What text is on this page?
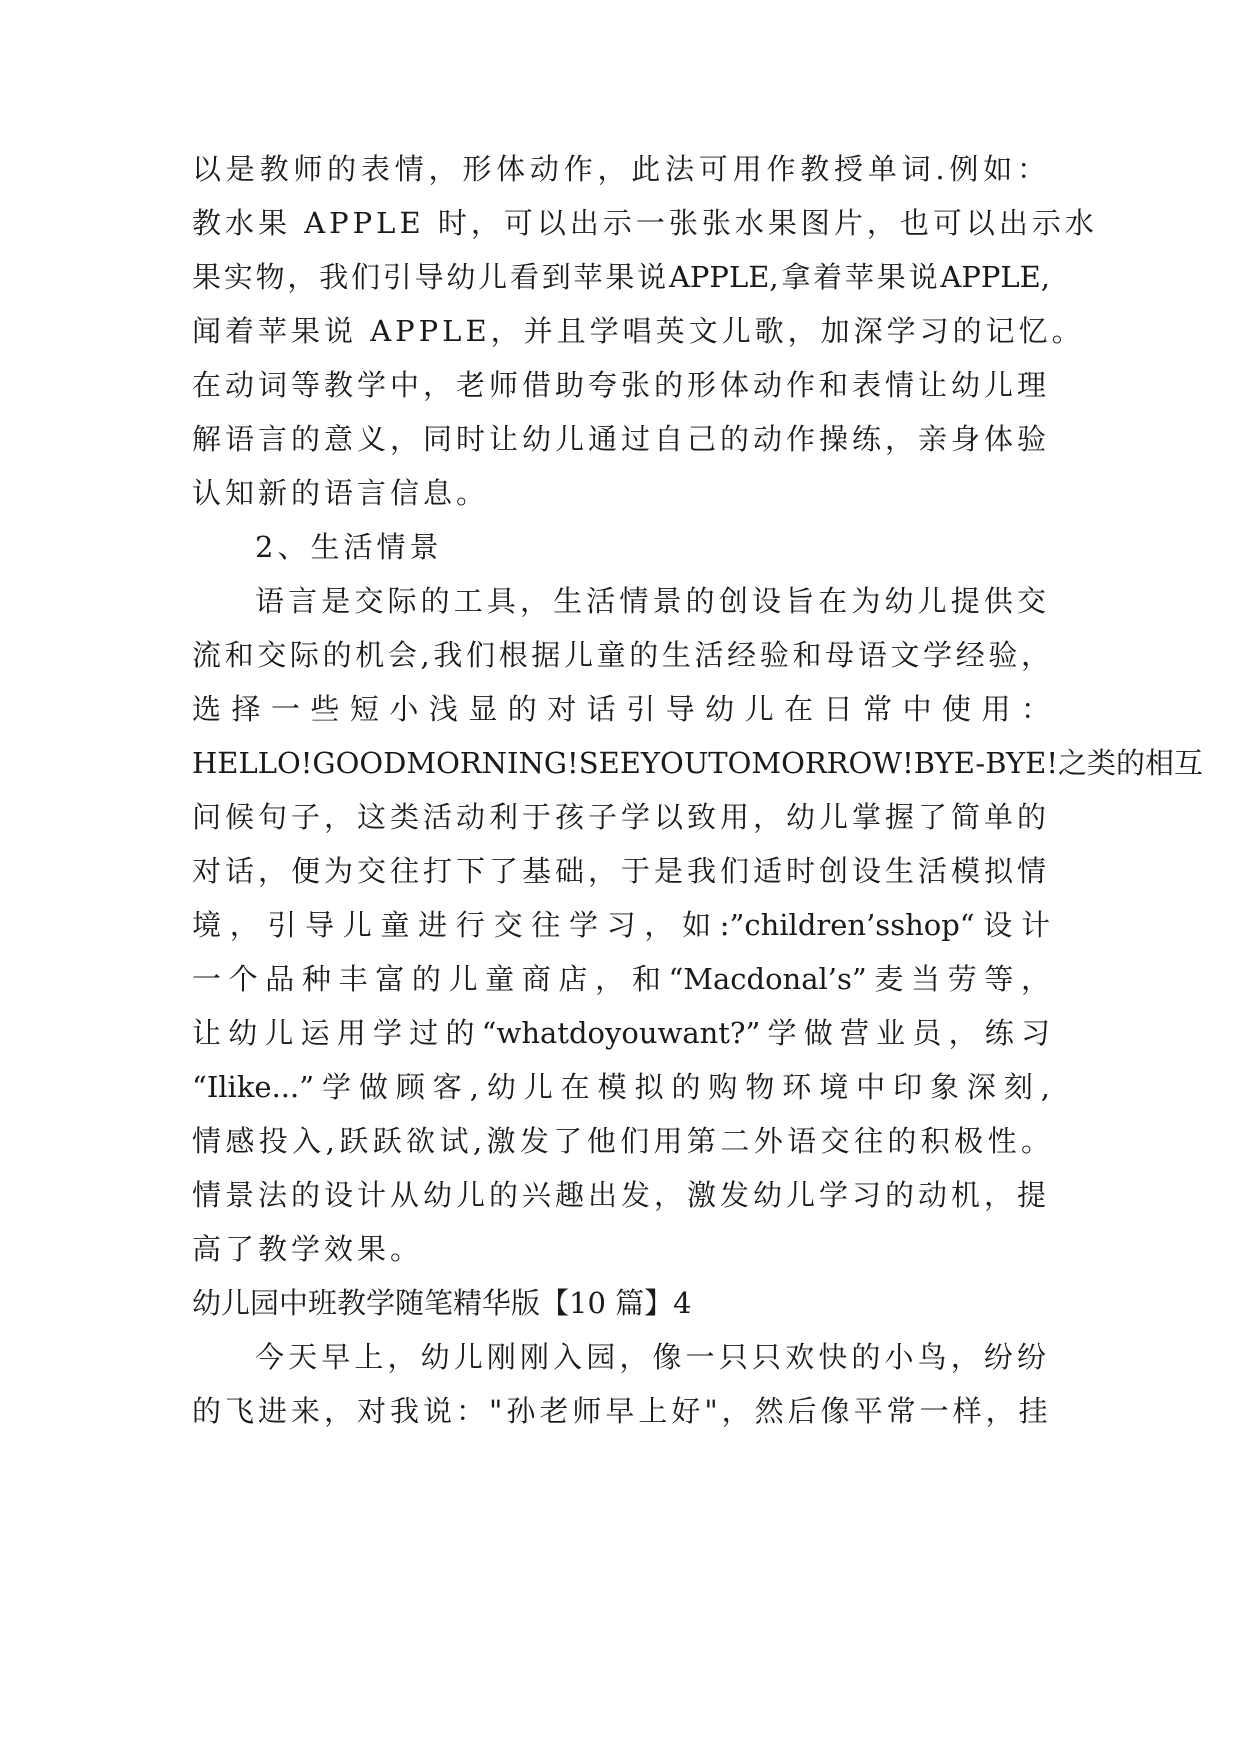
以是教师的表情，形体动作，此法可用作教授单词.例如：
教水果 APPLE 时，可以出示一张张水果图片，也可以出示水
果实物，我们引导幼儿看到苹果说APPLE,拿着苹果说APPLE,
闻着苹果说 APPLE，并且学唱英文儿歌，加深学习的记忆。
在动词等教学中，老师借助夸张的形体动作和表情让幼儿理
解语言的意义，同时让幼儿通过自己的动作操练，亲身体验
认知新的语言信息。
2、生活情景
语言是交际的工具，生活情景的创设旨在为幼儿提供交
流和交际的机会,我们根据儿童的生活经验和母语文学经验，
选 择 一 些 短 小 浅 显 的 对 话 引 导 幼 儿 在 日 常 中 使 用 ：
HELLO!GOODMORNING!SEEYOUTOMORROW!BYE-BYE!之类的相互
问候句子，这类活动利于孩子学以致用，幼儿掌握了简单的
对话，便为交往打下了基础，于是我们适时创设生活模拟情
境，引导儿童进行交往学习，如:”children’sshop“设计
一个品种丰富的儿童商店，和“Macdonal’s”麦当劳等，
让幼儿运用学过的“whatdoyouwant?”学做营业员，练习
“Ilike...”学做顾客,幼儿在模拟的购物环境中印象深刻,
情感投入,跃跃欲试,激发了他们用第二外语交往的积极性。
情景法的设计从幼儿的兴趣出发，激发幼儿学习的动机，提
高了教学效果。
幼儿园中班教学随笔精华版【10 篇】4
今天早上，幼儿刚刚入园，像一只只欢快的小鸟，纷纷
的飞进来，对我说："孙老师早上好"，然后像平常一样，挂
